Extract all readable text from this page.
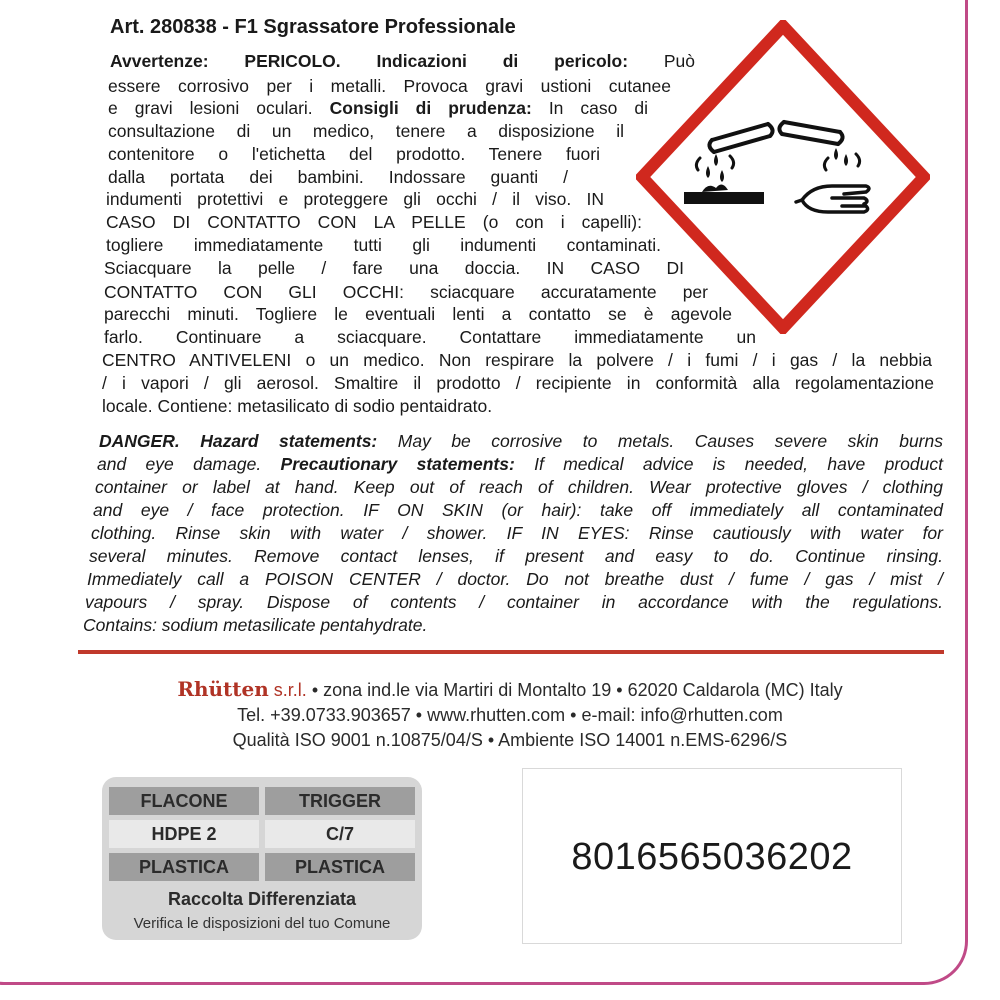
Art. 280838 - F1 Sgrassatore Professionale
Avvertenze: PERICOLO. Indicazioni di pericolo: Può
essere corrosivo per i metalli. Provoca gravi ustioni cutanee
e gravi lesioni oculari. Consigli di prudenza: In caso di
consultazione di un medico, tenere a disposizione il
contenitore o l'etichetta del prodotto. Tenere fuori
dalla portata dei bambini. Indossare guanti /
indumenti protettivi e proteggere gli occhi / il viso. IN
CASO DI CONTATTO CON LA PELLE (o con i capelli):
togliere immediatamente tutti gli indumenti contaminati.
Sciacquare la pelle / fare una doccia. IN CASO DI
CONTATTO CON GLI OCCHI: sciacquare accuratamente per
parecchi minuti. Togliere le eventuali lenti a contatto se è agevole
farlo. Continuare a sciacquare. Contattare immediatamente un
CENTRO ANTIVELENI o un medico. Non respirare la polvere / i fumi / i gas / la nebbia
/ i vapori / gli aerosol. Smaltire il prodotto / recipiente in conformità alla regolamentazione
locale. Contiene: metasilicato di sodio pentaidrato.
DANGER. Hazard statements: May be corrosive to metals. Causes severe skin burns
and eye damage. Precautionary statements: If medical advice is needed, have product
container or label at hand. Keep out of reach of children. Wear protective gloves / clothing
and eye / face protection. IF ON SKIN (or hair): take off immediately all contaminated
clothing. Rinse skin with water / shower. IF IN EYES: Rinse cautiously with water for
several minutes. Remove contact lenses, if present and easy to do. Continue rinsing.
Immediately call a POISON CENTER / doctor. Do not breathe dust / fume / gas / mist /
vapours / spray. Dispose of contents / container in accordance with the regulations.
Contains: sodium metasilicate pentahydrate.
Rhütten s.r.l. • zona ind.le via Martiri di Montalto 19 • 62020 Caldarola (MC) Italy
Tel. +39.0733.903657 • www.rhutten.com • e-mail: info@rhutten.com
Qualità ISO 9001 n.10875/04/S • Ambiente ISO 14001 n.EMS-6296/S
FLACONE	TRIGGER
HDPE 2	C/7
PLASTICA	PLASTICA
Raccolta Differenziata
Verifica le disposizioni del tuo Comune
8016565036202
